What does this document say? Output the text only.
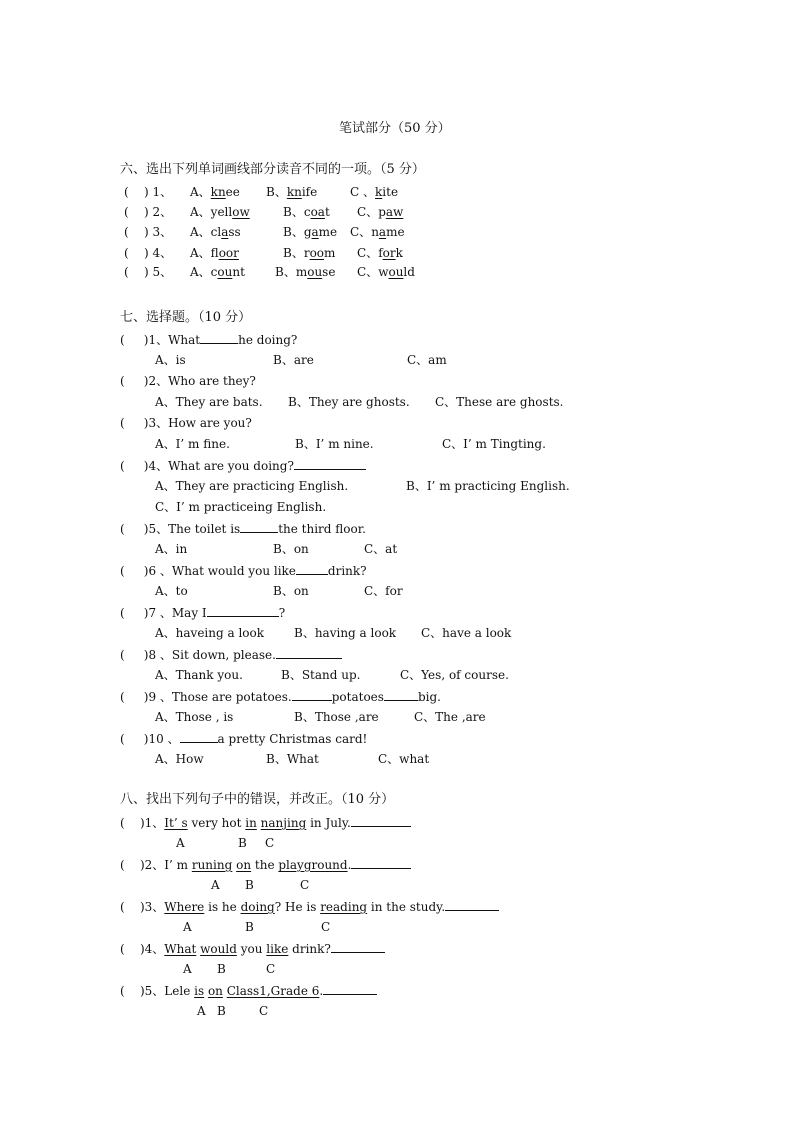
笔试部分（50 分）
六、选出下列单词画线部分读音不同的一项。（5 分）
( ) 1、 A、knee B、knife	C 、kite
( ) 2、 A、yellow	B、coat C、paw
( ) 3、 A、class	B、game C、name
( ) 4、 A、floor	B、room C、fork
( ) 5、 A、count	B、mouse C、would
七、选择题。（10 分）
( )1、What	he doing?
A、is	B、are	C、am
( )2、Who are they?
A、They are bats. B、They are ghosts. C、These are ghosts.
( )3、How are you?
A、I’ m fine.	B、I’ m nine.	C、I’ m Tingting.
( )4、What are you doing?
A、They are practicing English.	B、I’ m practicing English.
C、I’ m practiceing English.
( )5、The toilet is	the third floor.
A、in	B、on	C、at
( )6 、What would you like	drink?
A、to	B、on	C、for
( )7 、May I	?
A、haveing a look B、having a look C、have a look
( )8 、Sit down, please.
A、Thank you.	B、Stand up.	C、Yes, of course.
( )9 、Those are potatoes.	potatoes	big.
A、Those , is	B、Those ,are	C、The ,are
( )10 、	a pretty Christmas card!
A、How	B、What	C、what
八、找出下列句子中的错误，并改正。（10 分）
( )1、It’ s very hot in nanjing in July.
A	B C
( )2、I’ m runing on the playground.
A B	C
( )3、Where is he doing? He is reading in the study.
A	B	C
( )4、What would you like drink?
A B	C
( )5、Lele is on Class1,Grade 6.
A B	C
